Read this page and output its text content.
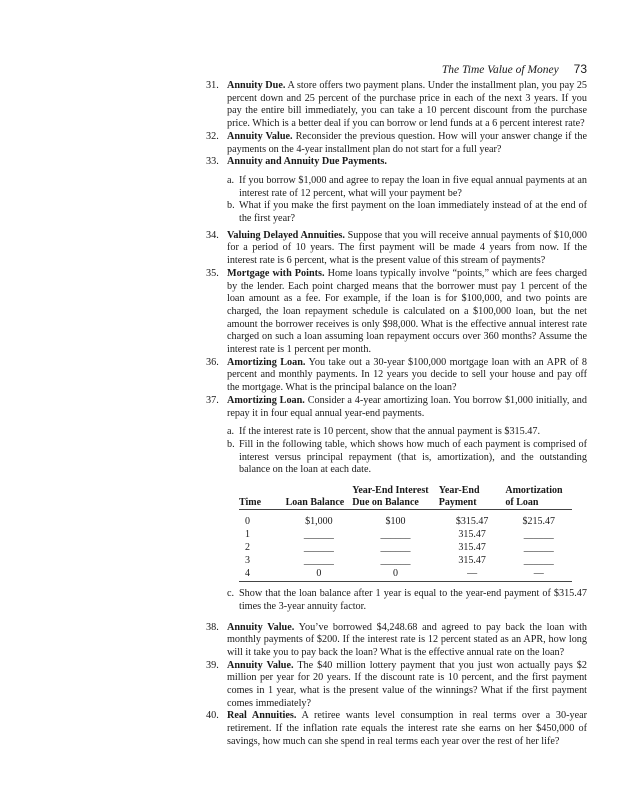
The Time Value of Money 73
31. Annuity Due. A store offers two payment plans. Under the installment plan, you pay 25 percent down and 25 percent of the purchase price in each of the next 3 years. If you pay the entire bill immediately, you can take a 10 percent discount from the purchase price. Which is a better deal if you can borrow or lend funds at a 6 percent interest rate?
32. Annuity Value. Reconsider the previous question. How will your answer change if the payments on the 4-year installment plan do not start for a full year?
33. Annuity and Annuity Due Payments.
a. If you borrow $1,000 and agree to repay the loan in five equal annual payments at an interest rate of 12 percent, what will your payment be?
b. What if you make the first payment on the loan immediately instead of at the end of the first year?
34. Valuing Delayed Annuities. Suppose that you will receive annual payments of $10,000 for a period of 10 years. The first payment will be made 4 years from now. If the interest rate is 6 percent, what is the present value of this stream of payments?
35. Mortgage with Points. Home loans typically involve “points,” which are fees charged by the lender. Each point charged means that the borrower must pay 1 percent of the loan amount as a fee. For example, if the loan is for $100,000, and two points are charged, the loan repayment schedule is calculated on a $100,000 loan, but the net amount the borrower receives is only $98,000. What is the effective annual interest rate charged on such a loan assuming loan repayment occurs over 360 months? Assume the interest rate is 1 percent per month.
36. Amortizing Loan. You take out a 30-year $100,000 mortgage loan with an APR of 8 percent and monthly payments. In 12 years you decide to sell your house and pay off the mortgage. What is the principal balance on the loan?
37. Amortizing Loan. Consider a 4-year amortizing loan. You borrow $1,000 initially, and repay it in four equal annual year-end payments.
a. If the interest rate is 10 percent, show that the annual payment is $315.47.
b. Fill in the following table, which shows how much of each payment is comprised of interest versus principal repayment (that is, amortization), and the outstanding balance on the loan at each date.
Time	Loan Balance	Year-End Interest Due on Balance	Year-End Payment	Amortization of Loan
0	$1,000	$100	$315.47	$215.47
1	______	______	315.47	______
2	______	______	315.47	______
3	______	______	315.47	______
4	0	0	—	—
c. Show that the loan balance after 1 year is equal to the year-end payment of $315.47 times the 3-year annuity factor.
38. Annuity Value. You’ve borrowed $4,248.68 and agreed to pay back the loan with monthly payments of $200. If the interest rate is 12 percent stated as an APR, how long will it take you to pay back the loan? What is the effective annual rate on the loan?
39. Annuity Value. The $40 million lottery payment that you just won actually pays $2 million per year for 20 years. If the discount rate is 10 percent, and the first payment comes in 1 year, what is the present value of the winnings? What if the first payment comes immediately?
40. Real Annuities. A retiree wants level consumption in real terms over a 30-year retirement. If the inflation rate equals the interest rate she earns on her $450,000 of savings, how much can she spend in real terms each year over the rest of her life?
